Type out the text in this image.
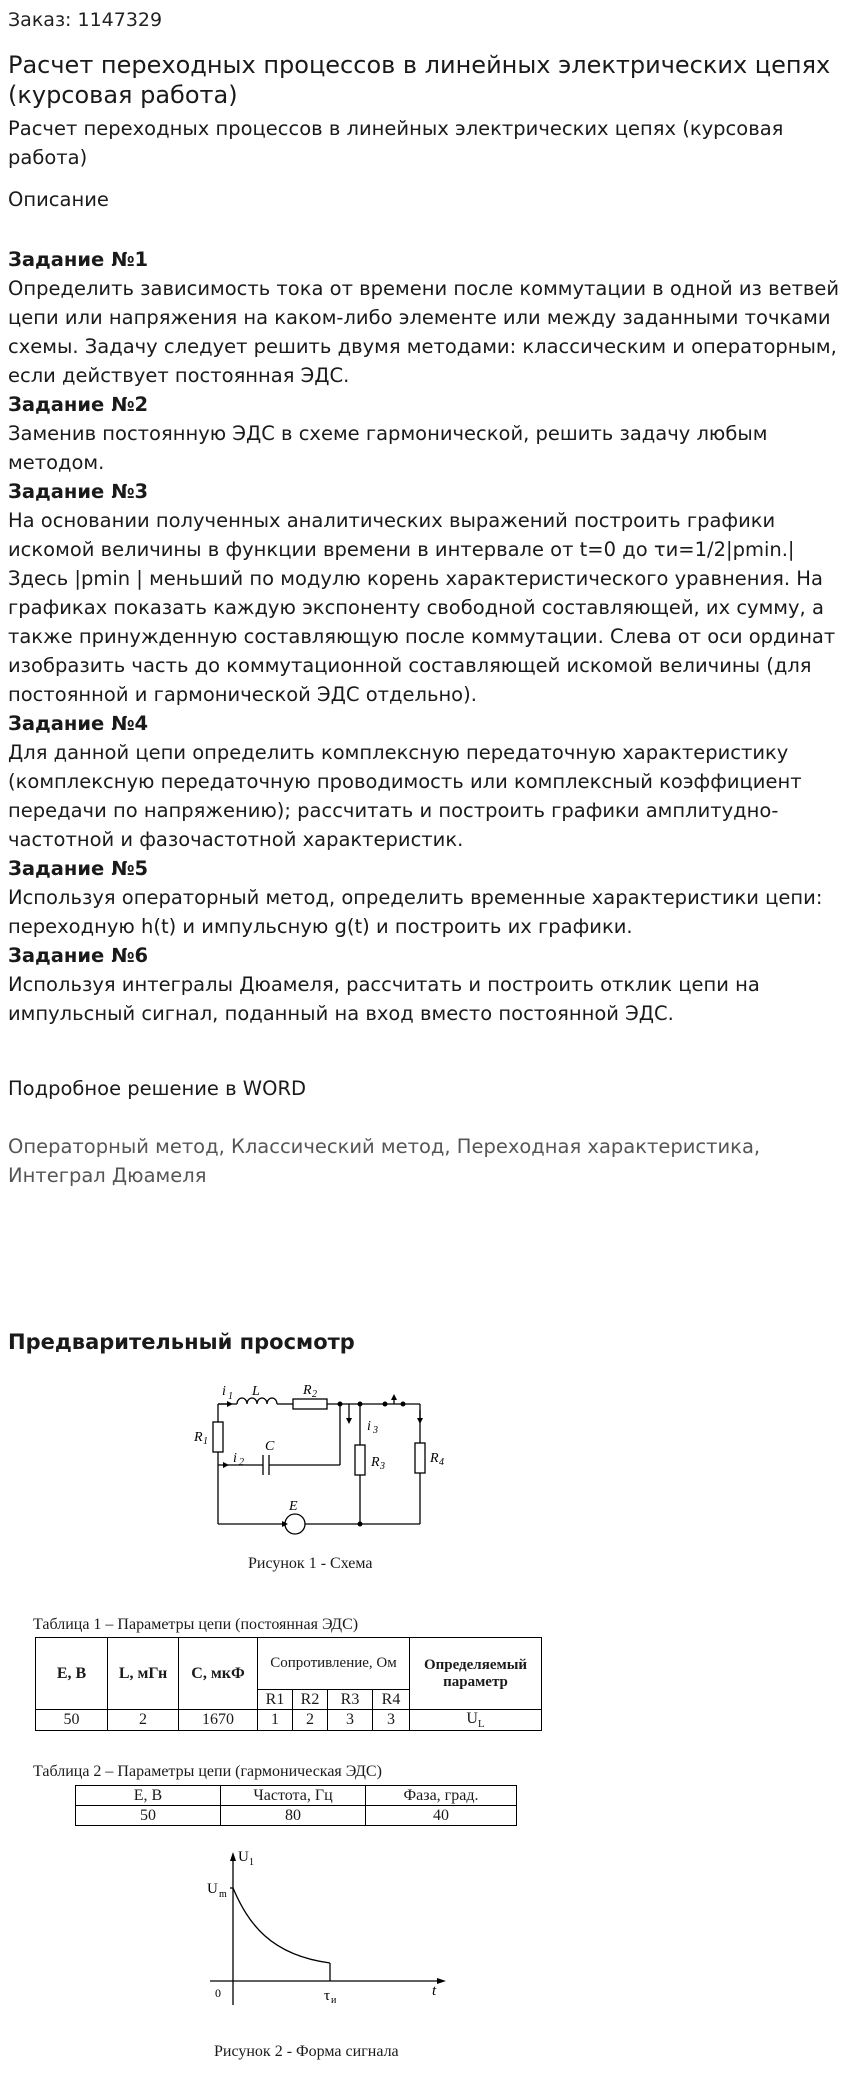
Заказ: 1147329
Расчет переходных процессов в линейных электрических цепях (курсовая работа)
Расчет переходных процессов в линейных электрических цепях (курсовая работа)
Описание
Задание №1
Определить зависимость тока от времени после коммутации в одной из ветвей цепи или напряжения на каком-либо элементе или между заданными точками схемы. Задачу следует решить двумя методами: классическим и операторным, если действует постоянная ЭДС.
Задание №2
Заменив постоянную ЭДС в схеме гармонической, решить задачу любым методом.
Задание №3
На основании полученных аналитических выражений построить графики искомой величины в функции времени в интервале от t=0 до τи=1/2|pmin.| Здесь |pmin | меньший по модулю корень характеристического уравнения. На графиках показать каждую экспоненту свободной составляющей, их сумму, а также принужденную составляющую после коммутации. Слева от оси ординат изобразить часть до коммутационной составляющей искомой величины (для постоянной и гармонической ЭДС отдельно).
Задание №4
Для данной цепи определить комплексную передаточную характеристику (комплексную передаточную проводимость или комплексный коэффициент передачи по напряжению); рассчитать и построить графики амплитудно-частотной и фазочастотной характеристик.
Задание №5
Используя операторный метод, определить временные характеристики цепи: переходную h(t) и импульсную g(t) и построить их графики.
Задание №6
Используя интегралы Дюамеля, рассчитать и построить отклик цепи на импульсный сигнал, поданный на вход вместо постоянной ЭДС.
Подробное решение в WORD
Операторный метод, Классический метод, Переходная характеристика, Интеграл Дюамеля
Предварительный просмотр
i 1 L	R 2
R 1
i 2
C
i 3
R 3
R 4
E
Рисунок 1 - Схема
Таблица 1 – Параметры цепи (постоянная ЭДС)
E, В	L, мГн	C, мкФ	Сопротивление, Ом				Определяемый параметр
			R1	R2	R3	R4	
50	2	1670	1	2	3	3	$U_L$
Таблица 2 – Параметры цепи (гармоническая ЭДС)
E, В	Частота, Гц	Фаза, град.
50	80	40
U 1
U m
t
0	τ и
Рисунок 2 - Форма сигнала
